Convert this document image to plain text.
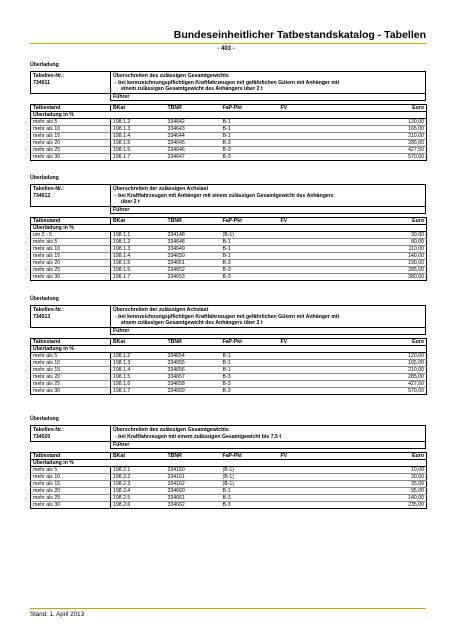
Bundeseinheitlicher Tatbestandskatalog - Tabellen
- 403 -
Überladung
Tabellen-Nr.:
734011
Überschreiten des zulässigen Gesamtgewichts
- bei kennzeichnungspflichtigen Kraftfahrzeugen mit gefährlichen Gütern mit Anhänger mit
einem zulässigen Gesamtgewicht des Anhängers über 2 t
Führer
Tatbestand	BKat	TBNR	FaP-Pkt	FV	Euro
Überladung in %					
mehr als 5	198.1.2	334642	B-1		120,00
mehr als 10	198.1.3	334643	B-1		165,00
mehr als 15	198.1.4	334644	B-1		210,00
mehr als 20	198.1.5	334645	B-3		285,00
mehr als 25	198.1.6	334646	B-3		427,50
mehr als 30	198.1.7	334647	B-3		570,00
Überladung
Tabellen-Nr.:
734012
Überschreiten der zulässigen Achslast
- bei Kraftfahrzeugen mit Anhänger mit einem zulässigen Gesamtgewicht des Anhängers
über 2 t
Führer
Tatbestand	BKat	TBNR	FaP-Pkt	FV	Euro
Überladung in %					
um 2 - 5	198.1.1	334148	(B-1)		30,00
mehr als 5	198.1.2	334648	B-1		80,00
mehr als 10	198.1.3	334649	B-1		110,00
mehr als 15	198.1.4	334650	B-1		140,00
mehr als 20	198.1.5	334651	B-3		190,00
mehr als 25	198.1.6	334652	B-3		285,00
mehr als 30	198.1.7	334653	B-3		380,00
Überladung
Tabellen-Nr.:
734013
Überschreiten der zulässigen Achslast
- bei kennzeichnungspflichtigen Kraftfahrzeugen mit gefährlichen Gütern mit Anhänger mit
einem zulässigen Gesamtgewicht des Anhängers über 2 t
Führer
Tatbestand	BKat	TBNR	FaP-Pkt	FV	Euro
Überladung in %					
mehr als 5	198.1.2	334654	B-1		120,00
mehr als 10	198.1.3	334655	B-1		165,00
mehr als 15	198.1.4	334656	B-1		210,00
mehr als 20	198.1.5	334657	B-3		285,00
mehr als 25	198.1.6	334658	B-3		427,50
mehr als 30	198.1.7	334659	B-3		570,00
Überladung
Tabellen-Nr.:
734020
Überschreiten des zulässigen Gesamtgewichts
- bei Kraftfahrzeugen mit einem zulässigen Gesamtgewicht bis 7,5 t
Führer
Tatbestand	BKat	TBNR	FaP-Pkt	FV	Euro
Überladung in %					
mehr als 5	198.2.1	334160	(B-1)		10,00
mehr als 10	198.2.2	334161	(B-1)		30,00
mehr als 15	198.2.3	334162	(B-1)		35,00
mehr als 20	198.2.4	334660	B-1		95,00
mehr als 25	198.2.5	334661	B-3		140,00
mehr als 30	198.2.6	334662	B-3		235,00
Stand: 1. April 2013
